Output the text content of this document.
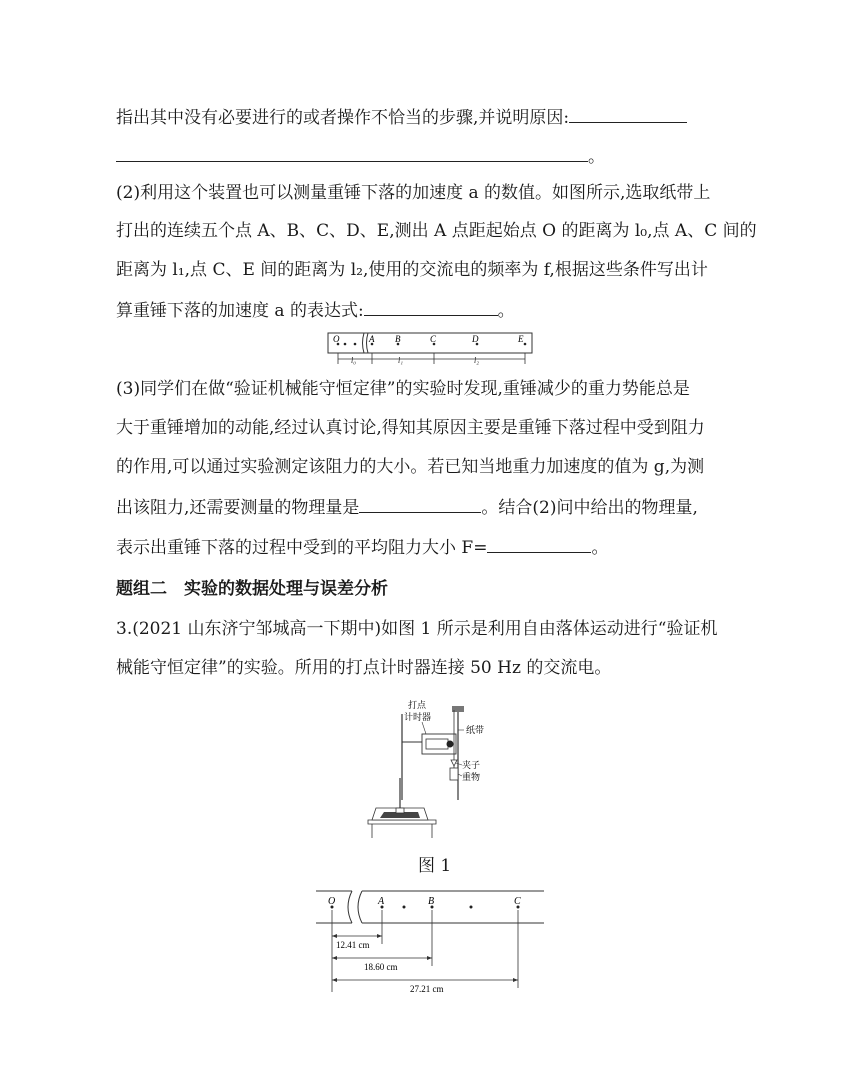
指出其中没有必要进行的或者操作不恰当的步骤,并说明原因:
。
(2)利用这个装置也可以测量重锤下落的加速度 a 的数值。如图所示,选取纸带上
打出的连续五个点 A、B、C、D、E,测出 A 点距起始点 O 的距离为 l₀,点 A、C 间的
距离为 l₁,点 C、E 间的距离为 l₂,使用的交流电的频率为 f,根据这些条件写出计
算重锤下落的加速度 a 的表达式:	。
O	A B	C	D	E
l₀	l₁	l₂
(3)同学们在做“验证机械能守恒定律”的实验时发现,重锤减少的重力势能总是
大于重锤增加的动能,经过认真讨论,得知其原因主要是重锤下落过程中受到阻力
的作用,可以通过实验测定该阻力的大小。若已知当地重力加速度的值为 g,为测
出该阻力,还需要测量的物理量是	。结合(2)问中给出的物理量,
表示出重锤下落的过程中受到的平均阻力大小 F=	。
题组二　实验的数据处理与误差分析
3.(2021 山东济宁邹城高一下期中)如图 1 所示是利用自由落体运动进行“验证机
械能守恒定律”的实验。所用的打点计时器连接 50 Hz 的交流电。
打点
计时器
纸带
夹子
重物
图 1
O	A	B	C
12.41 cm
18.60 cm
27.21 cm
